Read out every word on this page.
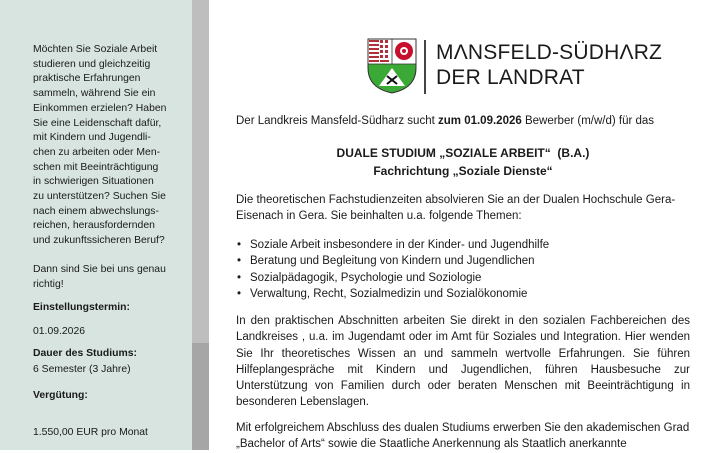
Möchten Sie Soziale Arbeit
studieren und gleichzeitig
praktische Erfahrungen
sammeln, während Sie ein
Einkommen erzielen? Haben
Sie eine Leidenschaft dafür,
mit Kindern und Jugendli-
chen zu arbeiten oder Men-
schen mit Beeinträchtigung
in schwierigen Situationen
zu unterstützen? Suchen Sie
nach einem abwechslungs-
reichen, herausfordernden
und zukunftssicheren Beruf?

Dann sind Sie bei uns genau
richtig!

Einstellungstermin:
01.09.2026
Dauer des Studiums:
6 Semester (3 Jahre)
Vergütung:
1.550,00 EUR pro Monat
MΛNSFELD-SÜDHΛRZ
DER LANDRAT

Der Landkreis Mansfeld-Südharz sucht zum 01.09.2026 Bewerber (m/w/d) für das

DUALE STUDIUM „SOZIALE ARBEIT“  (B.A.)
Fachrichtung „Soziale Dienste“

Die theoretischen Fachstudienzeiten absolvieren Sie an der Dualen Hochschule Gera-Eisenach in Gera. Sie beinhalten u.a. folgende Themen:

• Soziale Arbeit insbesondere in der Kinder- und Jugendhilfe
• Beratung und Begleitung von Kindern und Jugendlichen
• Sozialpädagogik, Psychologie und Soziologie
• Verwaltung, Recht, Sozialmedizin und Sozialökonomie

In den praktischen Abschnitten arbeiten Sie direkt in den sozialen Fachbereichen des Landkreises , u.a. im Jugendamt oder im Amt für Soziales und Integration. Hier wenden Sie Ihr theoretisches Wissen an und sammeln wertvolle Erfahrungen. Sie führen Hilfeplangespräche mit Kindern und Jugendlichen, führen Hausbesuche zur Unterstützung von Familien durch oder beraten Menschen mit Beeinträchtigung in besonderen Lebenslagen.

Mit erfolgreichem Abschluss des dualen Studiums erwerben Sie den akademischen Grad „Bachelor of Arts“ sowie die Staatliche Anerkennung als Staatlich anerkannte
